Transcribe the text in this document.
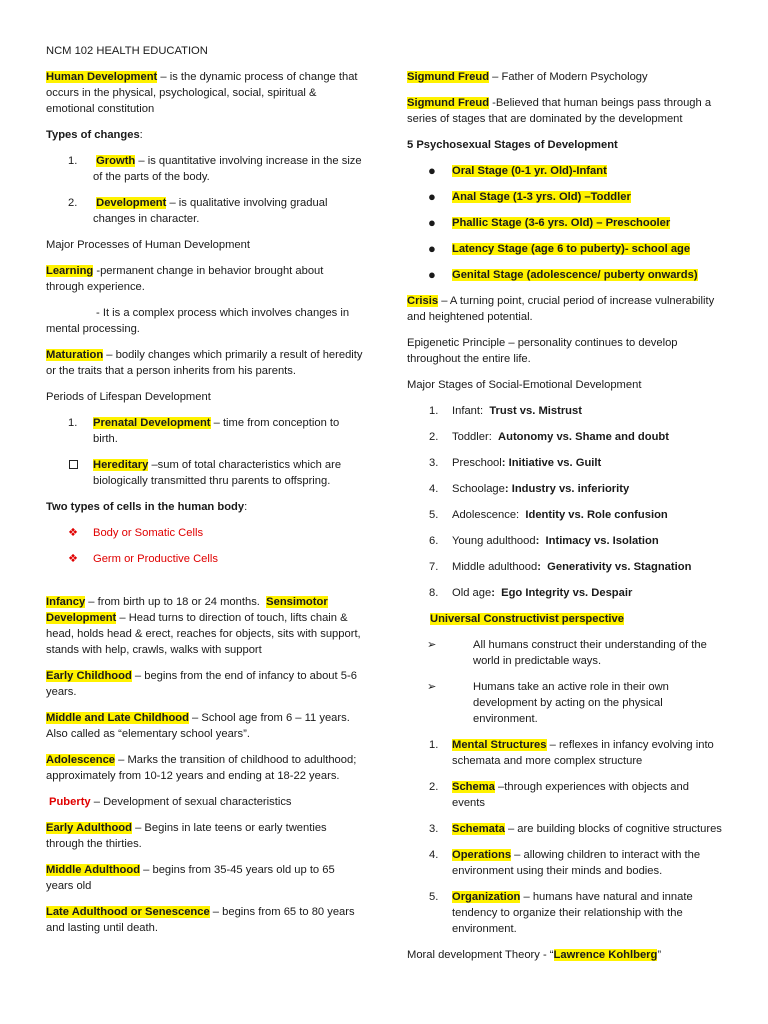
NCM 102 HEALTH EDUCATION

Human Development – is the dynamic process of change that occurs in the physical, psychological, social, spiritual & emotional constitution

Types of changes:

1.	Growth – is quantitative involving increase in the size of the parts of the body.
2.	Development – is qualitative involving gradual changes in character.

Major Processes of Human Development

Learning -permanent change in behavior brought about through experience.

- It is a complex process which involves changes in mental processing.

Maturation – bodily changes which primarily a result of heredity or the traits that a person inherits from his parents.

Periods of Lifespan Development

1.	Prenatal Development – time from conception to birth.
Hereditary –sum of total characteristics which are biologically transmitted thru parents to offspring.

Two types of cells in the human body:

❖	Body or Somatic Cells
❖	Germ or Productive Cells

Infancy – from birth up to 18 or 24 months.  Sensimotor Development – Head turns to direction of touch, lifts chain & head, holds head & erect, reaches for objects, sits with support, stands with help, crawls, walks with support

Early Childhood – begins from the end of infancy to about 5-6 years.

Middle and Late Childhood – School age from 6 – 11 years. Also called as “elementary school years”.

Adolescence – Marks the transition of childhood to adulthood; approximately from 10-12 years and ending at 18-22 years.

Puberty – Development of sexual characteristics

Early Adulthood – Begins in late teens or early twenties through the thirties.

Middle Adulthood – begins from 35-45 years old up to 65 years old

Late Adulthood or Senescence – begins from 65 to 80 years and lasting until death.

Sigmund Freud – Father of Modern Psychology

Sigmund Freud -Believed that human beings pass through a series of stages that are dominated by the development

5 Psychosexual Stages of Development

●	Oral Stage (0-1 yr. Old)-Infant
●	Anal Stage (1-3 yrs. Old) –Toddler
●	Phallic Stage (3-6 yrs. Old) – Preschooler
●	Latency Stage (age 6 to puberty)- school age
●	Genital Stage (adolescence/ puberty onwards)

Crisis – A turning point, crucial period of increase vulnerability and heightened potential.

Epigenetic Principle – personality continues to develop throughout the entire life.

Major Stages of Social-Emotional Development

1.	Infant:  Trust vs. Mistrust
2.	Toddler:  Autonomy vs. Shame and doubt
3.	Preschool: Initiative vs. Guilt
4.	Schoolage: Industry vs. inferiority
5.	Adolescence:  Identity vs. Role confusion
6.	Young adulthood:  Intimacy vs. Isolation
7.	Middle adulthood:  Generativity vs. Stagnation
8.	Old age:  Ego Integrity vs. Despair

Universal Constructivist perspective

➢	All humans construct their understanding of the world in predictable ways.
➢	Humans take an active role in their own development by acting on the physical environment.
1.	Mental Structures – reflexes in infancy evolving into schemata and more complex structure
2.	Schema –through experiences with objects and events
3.	Schemata – are building blocks of cognitive structures
4.	Operations – allowing children to interact with the environment using their minds and bodies.
5.	Organization – humans have natural and innate tendency to organize their relationship with the environment.

Moral development Theory - “Lawrence Kohlberg”
